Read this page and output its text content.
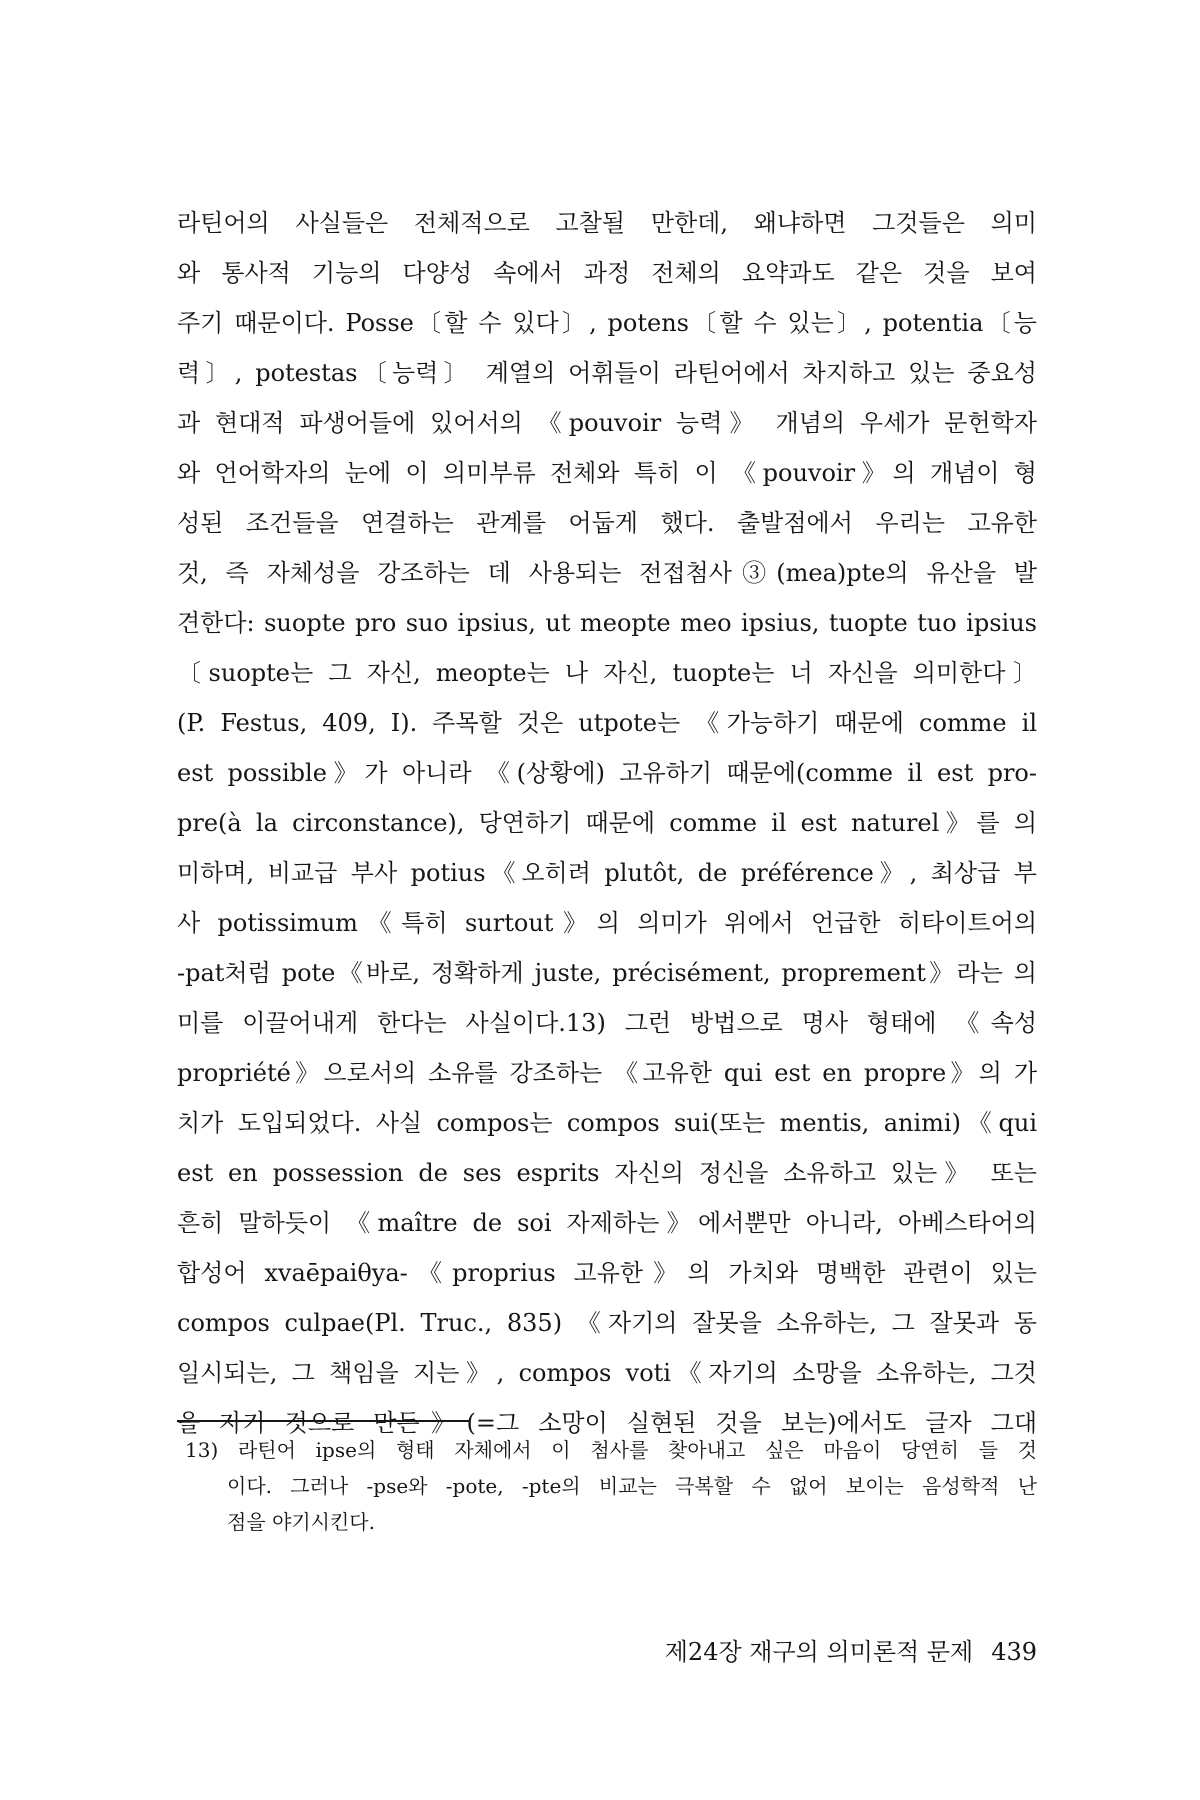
라틴어의 사실들은 전체적으로 고찰될 만한데, 왜냐하면 그것들은 의미
와 통사적 기능의 다양성 속에서 과정 전체의 요약과도 같은 것을 보여
주기 때문이다. Posse〔할 수 있다〕, potens〔할 수 있는〕, potentia〔능
력〕, potestas〔능력〕 계열의 어휘들이 라틴어에서 차지하고 있는 중요성
과 현대적 파생어들에 있어서의 《pouvoir 능력》 개념의 우세가 문헌학자
와 언어학자의 눈에 이 의미부류 전체와 특히 이 《pouvoir》의 개념이 형
성된 조건들을 연결하는 관계를 어둡게 했다. 출발점에서 우리는 고유한
것, 즉 자체성을 강조하는 데 사용되는 전접첨사③(mea)pte의 유산을 발
견한다: suopte pro suo ipsius, ut meopte meo ipsius, tuopte tuo ipsius
〔suopte는 그 자신, meopte는 나 자신, tuopte는 너 자신을 의미한다〕
(P. Festus, 409, I). 주목할 것은 utpote는 《가능하기 때문에 comme il
est possible》가 아니라 《(상황에) 고유하기 때문에(comme il est pro-
pre(à la circonstance), 당연하기 때문에 comme il est naturel》를 의
미하며, 비교급 부사 potius《오히려 plutôt, de préférence》, 최상급 부
사 potissimum《특히 surtout》의 의미가 위에서 언급한 히타이트어의
-pat처럼 pote《바로, 정확하게 juste, précisément, proprement》라는 의
미를 이끌어내게 한다는 사실이다.13) 그런 방법으로 명사 형태에 《속성
propriété》으로서의 소유를 강조하는 《고유한 qui est en propre》의 가
치가 도입되었다. 사실 compos는 compos sui(또는 mentis, animi)《qui
est en possession de ses esprits 자신의 정신을 소유하고 있는》 또는
흔히 말하듯이 《maître de soi 자제하는》에서뿐만 아니라, 아베스타어의
합성어 xvaēpaiθya-《proprius 고유한》의 가치와 명백한 관련이 있는
compos culpae(Pl. Truc., 835) 《자기의 잘못을 소유하는, 그 잘못과 동
일시되는, 그 책임을 지는》, compos voti《자기의 소망을 소유하는, 그것
을 자기 것으로 만든》(=그 소망이 실현된 것을 보는)에서도 글자 그대
13) 라틴어 ipse의 형태 자체에서 이 첨사를 찾아내고 싶은 마음이 당연히 들 것
이다. 그러나 -pse와 -pote, -pte의 비교는 극복할 수 없어 보이는 음성학적 난
점을 야기시킨다.
제24장 재구의 의미론적 문제 439
